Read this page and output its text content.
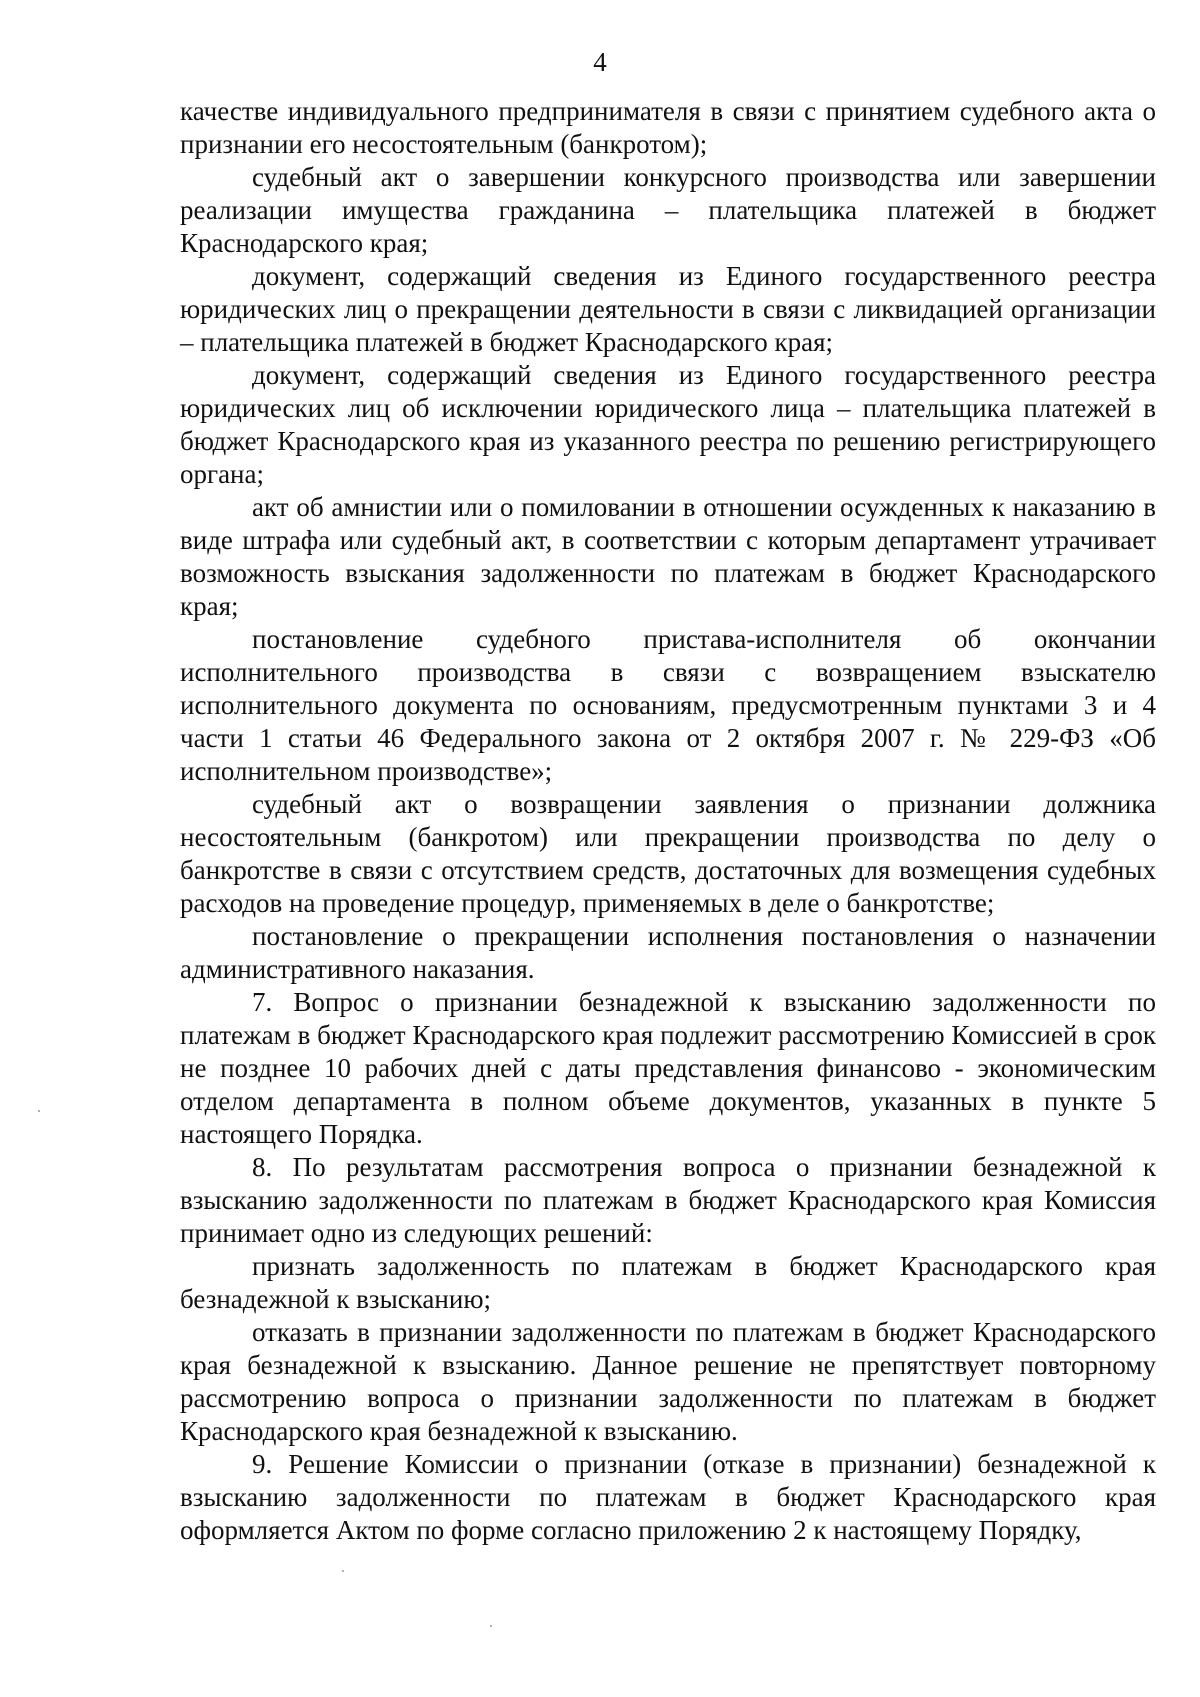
4

качестве индивидуального предпринимателя в связи с принятием судебного акта о признании его несостоятельным (банкротом);

судебный акт о завершении конкурсного производства или завершении реализации имущества гражданина – плательщика платежей в бюджет Краснодарского края;

документ, содержащий сведения из Единого государственного реестра юридических лиц о прекращении деятельности в связи с ликвидацией организации – плательщика платежей в бюджет Краснодарского края;

документ, содержащий сведения из Единого государственного реестра юридических лиц об исключении юридического лица – плательщика платежей в бюджет Краснодарского края из указанного реестра по решению регистрирующего органа;

акт об амнистии или о помиловании в отношении осужденных к наказанию в виде штрафа или судебный акт, в соответствии с которым департамент утрачивает возможность взыскания задолженности по платежам в бюджет Краснодарского края;

постановление судебного пристава-исполнителя об окончании исполнительного производства в связи с возвращением взыскателю исполнительного документа по основаниям, предусмотренным пунктами 3 и 4 части 1 статьи 46 Федерального закона от 2 октября 2007 г. № 229-ФЗ «Об исполнительном производстве»;

судебный акт о возвращении заявления о признании должника несостоятельным (банкротом) или прекращении производства по делу о банкротстве в связи с отсутствием средств, достаточных для возмещения судебных расходов на проведение процедур, применяемых в деле о банкротстве;

постановление о прекращении исполнения постановления о назначении административного наказания.

7. Вопрос о признании безнадежной к взысканию задолженности по платежам в бюджет Краснодарского края подлежит рассмотрению Комиссией в срок не позднее 10 рабочих дней с даты представления финансово - экономическим отделом департамента в полном объеме документов, указанных в пункте 5 настоящего Порядка.

8. По результатам рассмотрения вопроса о признании безнадежной к взысканию задолженности по платежам в бюджет Краснодарского края Комиссия принимает одно из следующих решений:

признать задолженность по платежам в бюджет Краснодарского края безнадежной к взысканию;

отказать в признании задолженности по платежам в бюджет Краснодарского края безнадежной к взысканию. Данное решение не препятствует повторному рассмотрению вопроса о признании задолженности по платежам в бюджет Краснодарского края безнадежной к взысканию.

9. Решение Комиссии о признании (отказе в признании) безнадежной к взысканию задолженности по платежам в бюджет Краснодарского края оформляется Актом по форме согласно приложению 2 к настоящему Порядку,
